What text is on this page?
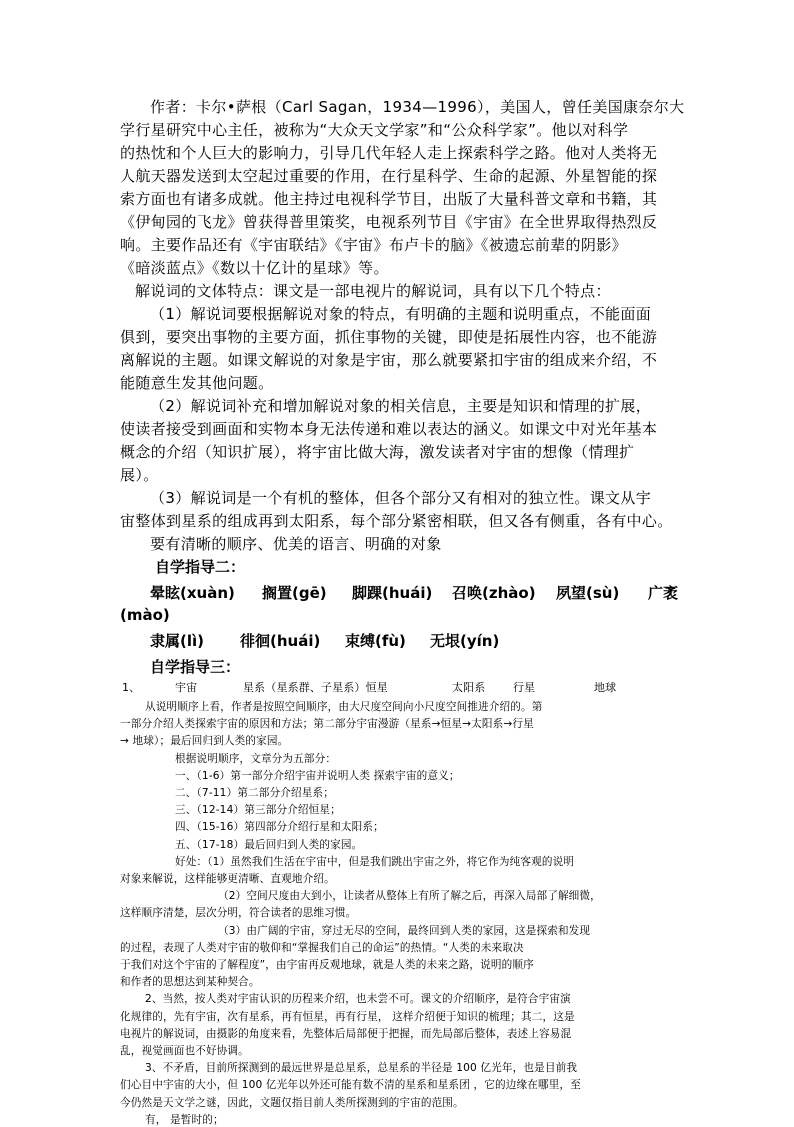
作者：卡尔•萨根（Carl Sagan，1934—1996），美国人，曾任美国康奈尔大
学行星研究中心主任，被称为“大众天文学家”和“公众科学家”。他以对科学
的热忱和个人巨大的影响力，引导几代年轻人走上探索科学之路。他对人类将无
人航天器发送到太空起过重要的作用，在行星科学、生命的起源、外星智能的探
索方面也有诸多成就。他主持过电视科学节目，出版了大量科普文章和书籍，其
《伊甸园的飞龙》曾获得普里策奖，电视系列节目《宇宙》在全世界取得热烈反
响。主要作品还有《宇宙联结》《宇宙》布卢卡的脑》《被遗忘前辈的阴影》
《暗淡蓝点》《数以十亿计的星球》等。
解说词的文体特点：课文是一部电视片的解说词，具有以下几个特点：
（1）解说词要根据解说对象的特点，有明确的主题和说明重点，不能面面
俱到，要突出事物的主要方面，抓住事物的关键，即使是拓展性内容，也不能游
离解说的主题。如课文解说的对象是宇宙，那么就要紧扣宇宙的组成来介绍，不
能随意生发其他问题。
（2）解说词补充和增加解说对象的相关信息，主要是知识和情理的扩展，
使读者接受到画面和实物本身无法传递和难以表达的涵义。如课文中对光年基本
概念的介绍（知识扩展），将宇宙比做大海，激发读者对宇宙的想像（情理扩
展）。
（3）解说词是一个有机的整体，但各个部分又有相对的独立性。课文从宇
宙整体到星系的组成再到太阳系，每个部分紧密相联，但又各有侧重，各有中心。
要有清晰的顺序、优美的语言、明确的对象
自学指导二：
晕眩(xuàn) 搁置(gē) 脚踝(huái) 召唤(zhào) 夙望(sù) 广袤
(mào)
隶属(lì) 徘徊(huái) 束缚(fù) 无垠(yín)
自学指导三：
1、	宇宙	星系（星系群、子星系）恒星	太阳系	行星	地球
从说明顺序上看，作者是按照空间顺序，由大尺度空间向小尺度空间推进介绍的。第
一部分介绍人类探索宇宙的原因和方法；第二部分宇宙漫游（星系→恒星→太阳系→行星
→ 地球）；最后回归到人类的家园。
根据说明顺序，文章分为五部分：
一、（1-6）第一部分介绍宇宙并说明人类 探索宇宙的意义；
二、（7-11）第二部分介绍星系；
三、（12-14）第三部分介绍恒星；
四、（15-16）第四部分介绍行星和太阳系；
五、（17-18）最后回归到人类的家园。
好处：（1）虽然我们生活在宇宙中，但是我们跳出宇宙之外，将它作为纯客观的说明
对象来解说，这样能够更清晰、直观地介绍。
（2）空间尺度由大到小，让读者从整体上有所了解之后，再深入局部了解细微，
这样顺序清楚，层次分明，符合读者的思维习惯。
（3）由广阔的宇宙，穿过无尽的空间，最终回到人类的家园，这是探索和发现
的过程，表现了人类对宇宙的敬仰和“掌握我们自己的命运”的热情。“人类的未来取决
于我们对这个宇宙的了解程度”，由宇宙再反观地球，就是人类的未来之路，说明的顺序
和作者的思想达到某种契合。
2、当然，按人类对宇宙认识的历程来介绍，也未尝不可。课文的介绍顺序，是符合宇宙演
化规律的，先有宇宙，次有星系，再有恒星，再有行星， 这样介绍便于知识的梳理；其二，这是
电视片的解说词，由摄影的角度来看，先整体后局部便于把握，而先局部后整体，表述上容易混
乱，视觉画面也不好协调。
3、不矛盾，目前所探测到的最远世界是总星系，总星系的半径是 100 亿光年，也是目前我
们心目中宇宙的大小，但 100 亿光年以外还可能有数不清的星系和星系团 ，它的边缘在哪里，至
今仍然是天文学之谜，因此，文题仅指目前人类所探测到的宇宙的范围。
有， 是暂时的；
